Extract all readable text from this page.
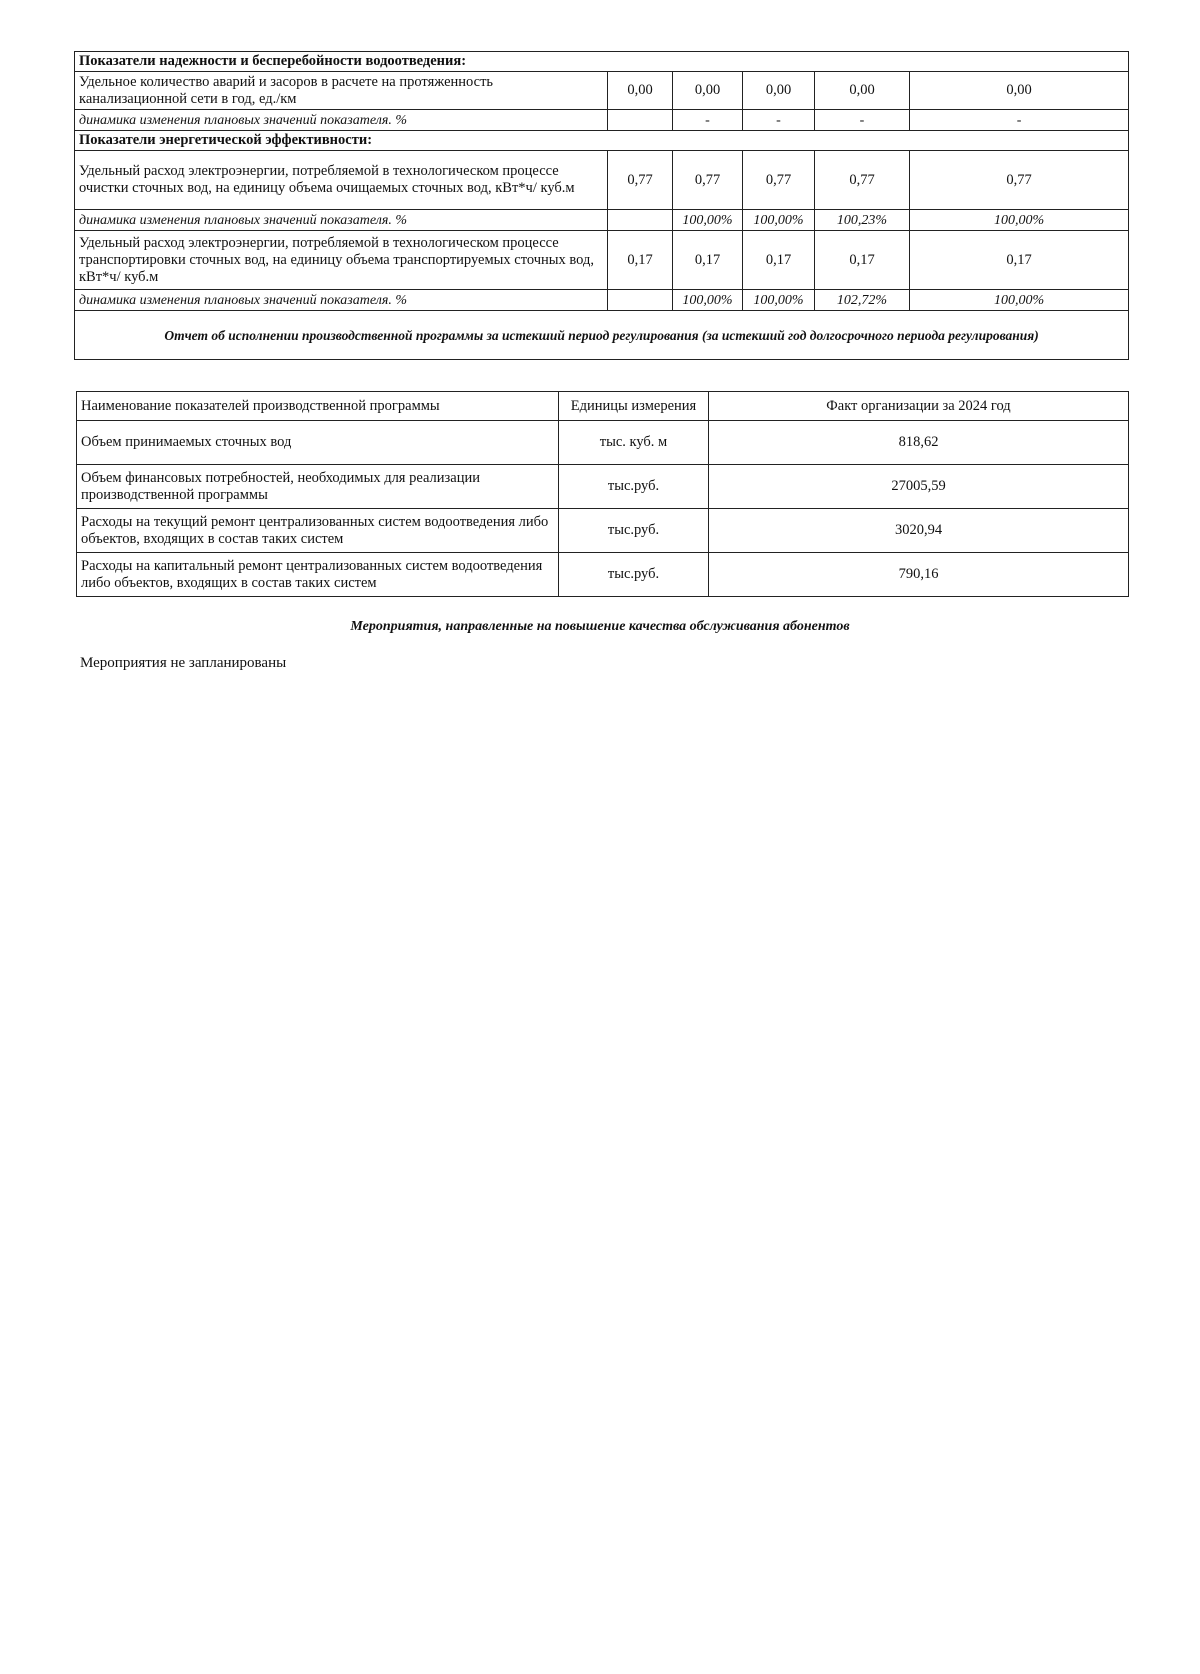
Показатели надежности и бесперебойности водоотведения:					
Удельное количество аварий и засоров в расчете на протяженность канализационной сети в год, ед./км	0,00	0,00	0,00	0,00	0,00
динамика изменения плановых значений показателя. %		-	-	-	-
Показатели энергетической эффективности:					
Удельный расход электроэнергии, потребляемой в технологическом процессе очистки сточных вод, на единицу объема очищаемых сточных вод, кВт*ч/ куб.м	0,77	0,77	0,77	0,77	0,77
динамика изменения плановых значений показателя. %		100,00%	100,00%	100,23%	100,00%
Удельный расход электроэнергии, потребляемой в технологическом процессе транспортировки сточных вод, на единицу объема транспортируемых сточных вод, кВт*ч/ куб.м	0,17	0,17	0,17	0,17	0,17
динамика изменения плановых значений показателя. %		100,00%	100,00%	102,72%	100,00%
Отчет об исполнении производственной программы за истекший период регулирования (за истекший год долгосрочного периода регулирования)					
Наименование показателей производственной программы	Единицы измерения	Факт организации за 2024 год
Объем принимаемых сточных вод	тыс. куб. м	818,62
Объем финансовых потребностей, необходимых для реализации производственной программы	тыс.руб.	27005,59
Расходы на текущий ремонт централизованных систем водоотведения либо объектов, входящих в состав таких систем	тыс.руб.	3020,94
Расходы на капитальный ремонт централизованных систем водоотведения либо объектов, входящих в состав таких систем	тыс.руб.	790,16
Мероприятия, направленные на повышение качества обслуживания абонентов
Мероприятия не запланированы
